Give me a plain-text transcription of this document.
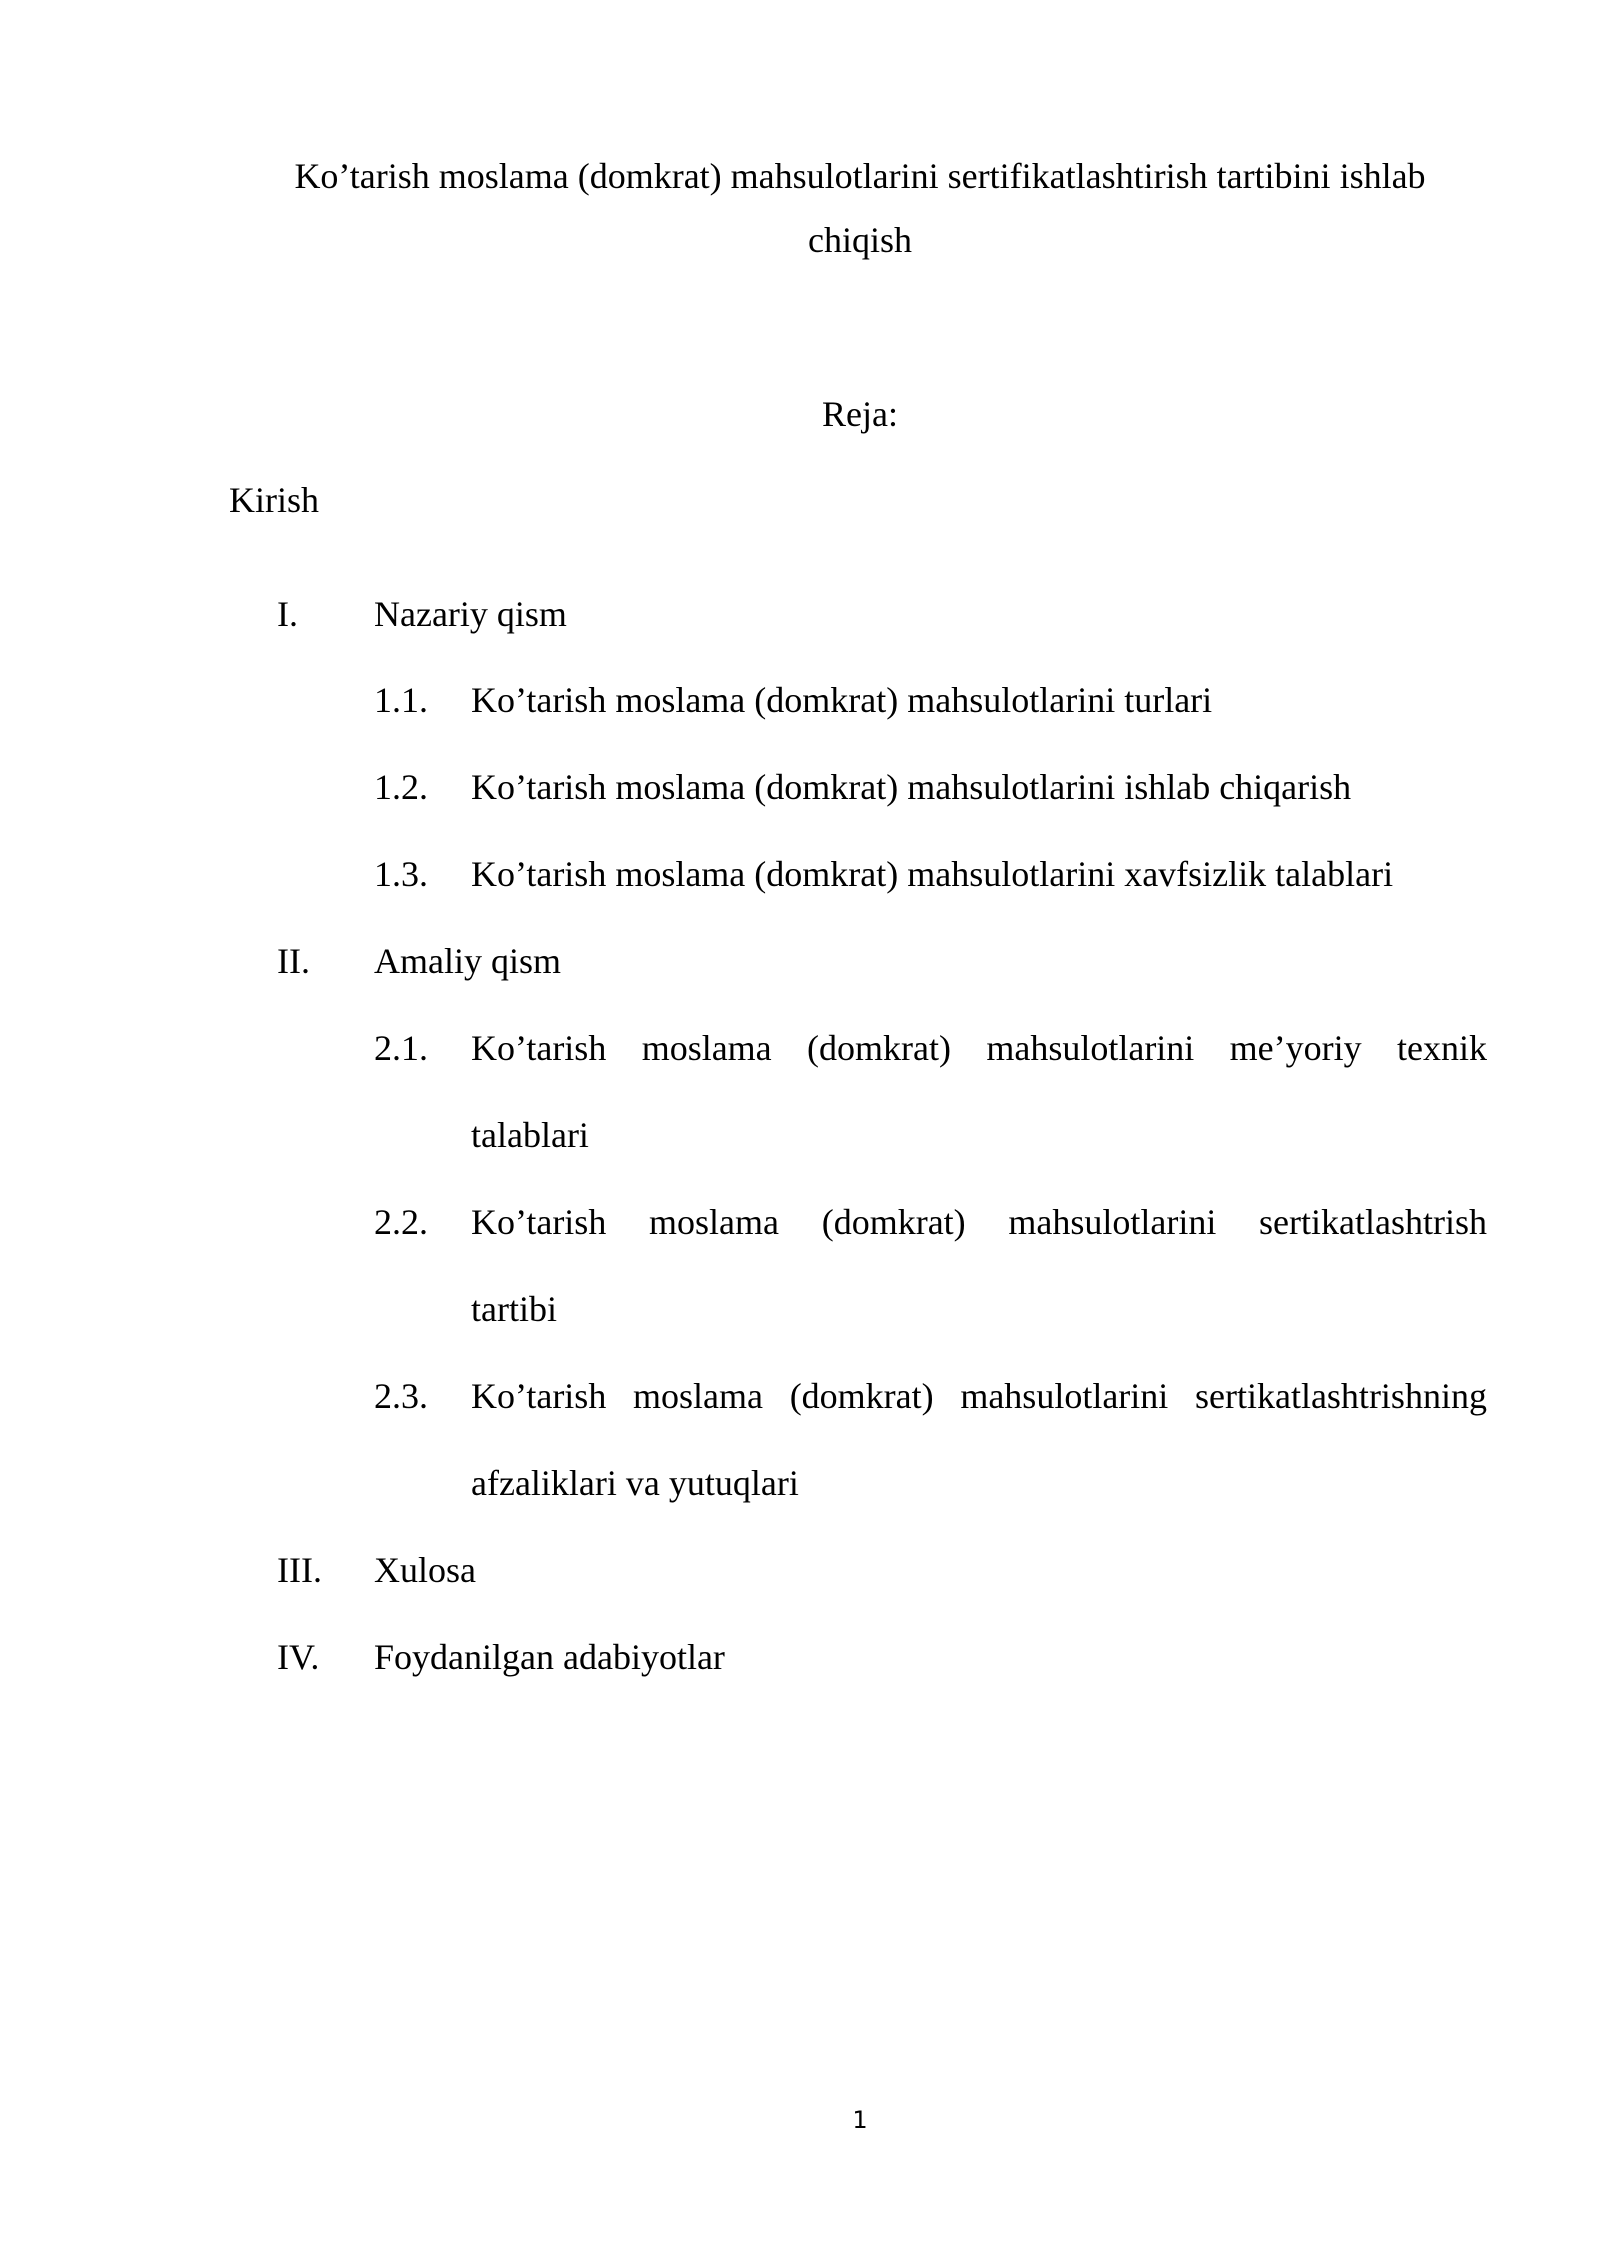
Ko’tarish moslama (domkrat) mahsulotlarini sertifikatlashtirish tartibini ishlab

chiqish

Reja:
Kirish
I. Nazariy qism
1.1. Ko’tarish moslama (domkrat) mahsulotlarini turlari
1.2. Ko’tarish moslama (domkrat) mahsulotlarini ishlab chiqarish
1.3. Ko’tarish moslama (domkrat) mahsulotlarini xavfsizlik talablari
II. Amaliy qism
2.1. Ko’tarish moslama (domkrat) mahsulotlarini me’yoriy texnik
talablari
2.2. Ko’tarish moslama (domkrat) mahsulotlarini sertikatlashtrish
tartibi
2.3. Ko’tarish moslama (domkrat) mahsulotlarini sertikatlashtrishning
afzaliklari va yutuqlari
III. Xulosa
IV. Foydanilgan adabiyotlar
1
